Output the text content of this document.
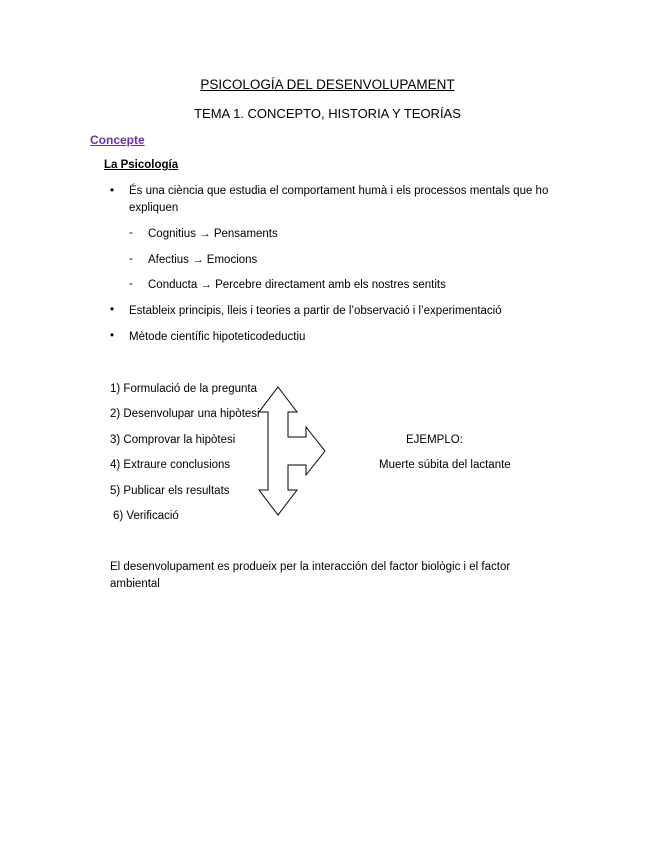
PSICOLOGÍA DEL DESENVOLUPAMENT
TEMA 1. CONCEPTO, HISTORIA Y TEORÍAS
Concepte
La Psicología
• És una ciència que estudia el comportament humà i els processos mentals que ho expliquen
- Cognitius → Pensaments
- Afectius → Emocions
- Conducta → Percebre directament amb els nostres sentits
• Estableix principis, lleis i teories a partir de l’observació i l’experimentació
• Mètode científic hipoteticodeductiu
1) Formulació de la pregunta
2) Desenvolupar una hipòtesi
3) Comprovar la hipòtesi
4) Extraure conclusions
5) Publicar els resultats
6) Verificació
EJEMPLO:
Muerte súbita del lactante
El desenvolupament es produeix per la interacción del factor biològic i el factor ambiental
